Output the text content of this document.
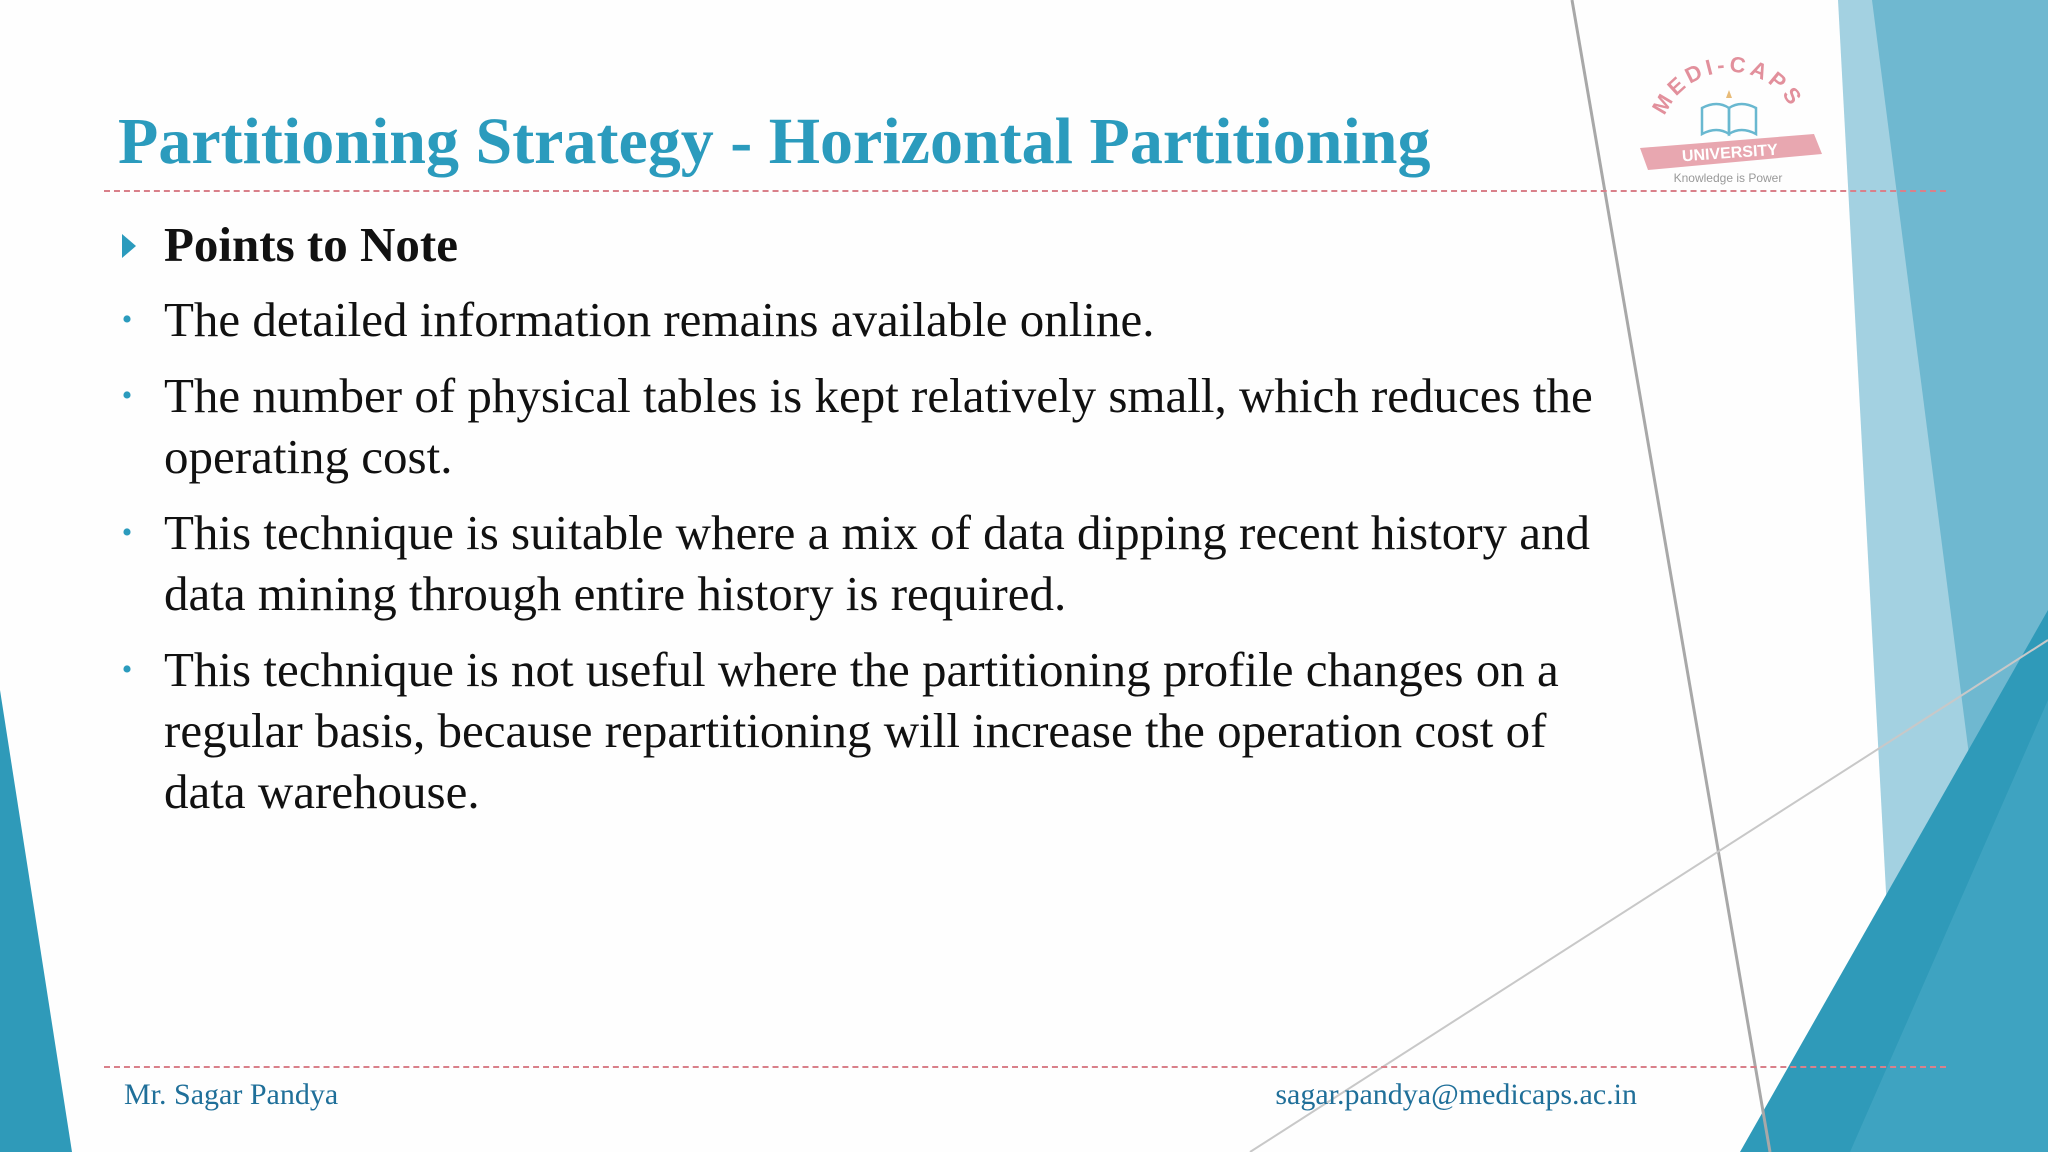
MEDI-CAPS
UNIVERSITY
Knowledge is Power
Partitioning Strategy - Horizontal Partitioning
Points to Note
• The detailed information remains available online.
• The number of physical tables is kept relatively small, which reduces the operating cost.
• This technique is suitable where a mix of data dipping recent history and data mining through entire history is required.
• This technique is not useful where the partitioning profile changes on a regular basis, because repartitioning will increase the operation cost of data warehouse.
Mr. Sagar Pandya	sagar.pandya@medicaps.ac.in
